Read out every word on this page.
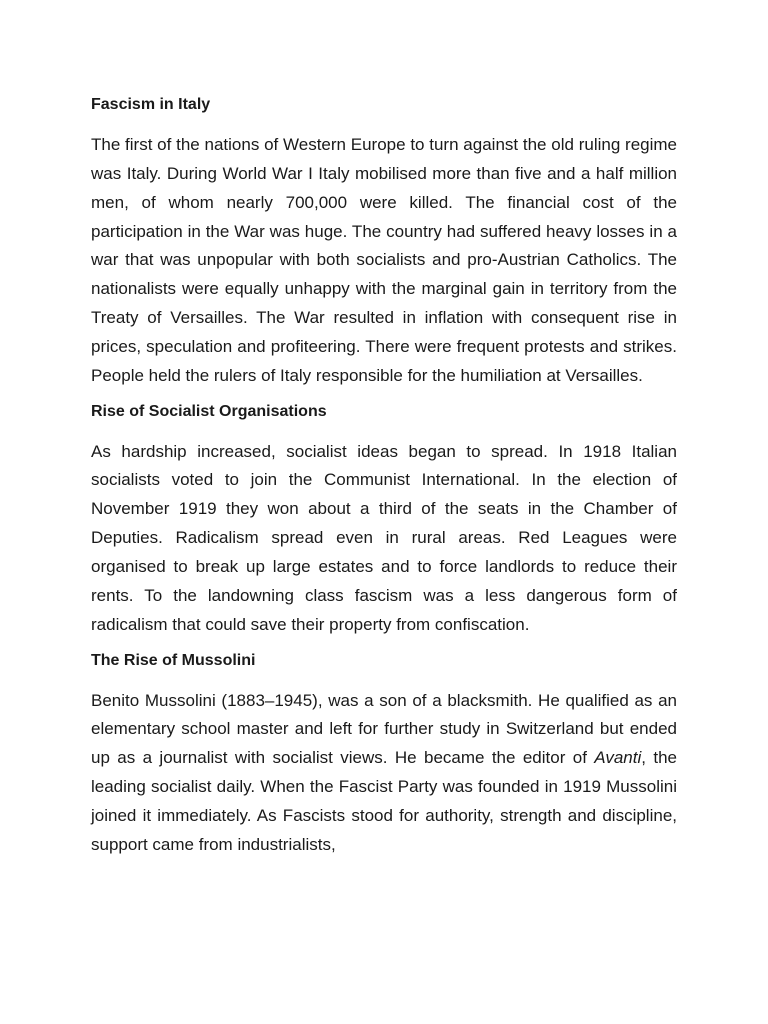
Fascism in Italy

The first of the nations of Western Europe to turn against the old ruling regime was Italy. During World War I Italy mobilised more than five and a half million men, of whom nearly 700,000 were killed. The financial cost of the participation in the War was huge. The country had suffered heavy losses in a war that was unpopular with both socialists and pro-Austrian Catholics. The nationalists were equally unhappy with the marginal gain in territory from the Treaty of Versailles. The War resulted in inflation with consequent rise in prices, speculation and profiteering. There were frequent protests and strikes. People held the rulers of Italy responsible for the humiliation at Versailles.

Rise of Socialist Organisations

As hardship increased, socialist ideas began to spread. In 1918 Italian socialists voted to join the Communist International. In the election of November 1919 they won about a third of the seats in the Chamber of Deputies. Radicalism spread even in rural areas. Red Leagues were organised to break up large estates and to force landlords to reduce their rents. To the landowning class fascism was a less dangerous form of radicalism that could save their property from confiscation.

The Rise of Mussolini

Benito Mussolini (1883–1945), was a son of a blacksmith. He qualified as an elementary school master and left for further study in Switzerland but ended up as a journalist with socialist views. He became the editor of Avanti, the leading socialist daily. When the Fascist Party was founded in 1919 Mussolini joined it immediately. As Fascists stood for authority, strength and discipline, support came from industrialists,
